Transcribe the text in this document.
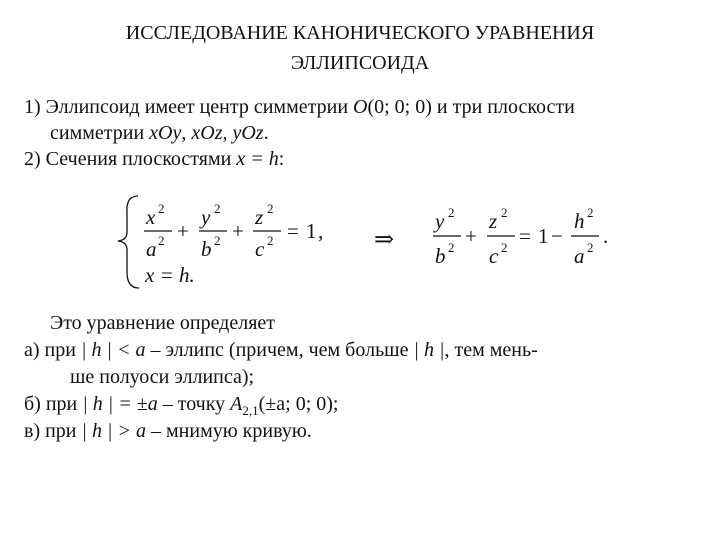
ИССЛЕДОВАНИЕ КАНОНИЧЕСКОГО УРАВНЕНИЯ
ЭЛЛИПСОИДА
1) Эллипсоид имеет центр симметрии O(0; 0; 0) и три плоскости
симметрии xOy, xOz, yOz.
2) Сечения плоскостями x = h:
x 2
a 2 +
y 2
b 2 +
z 2
c 2 = 1 ,
x = h.
⇒
y 2
b 2 +
z 2
c 2 = 1 −
h 2
a 2 .
Это уравнение определяет
а) при | h | < a – эллипс (причем, чем больше | h |, тем мень-
ше полуоси эллипса);
б) при | h | = ±a – точку $A_{2,1}(\pm a$; 0; 0);
в) при | h | > a – мнимую кривую.
